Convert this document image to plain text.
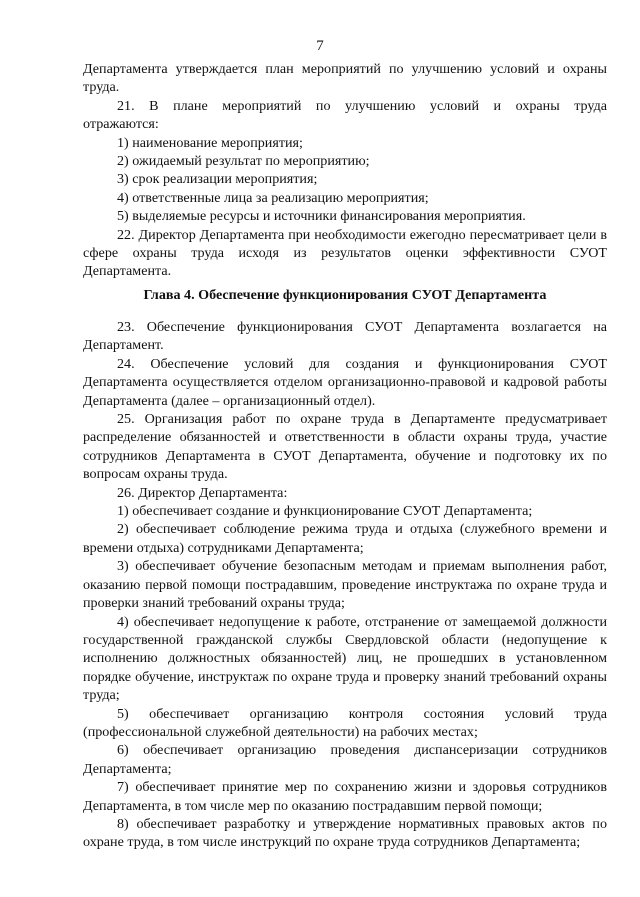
7

Департамента утверждается план мероприятий по улучшению условий и охраны труда.

21. В плане мероприятий по улучшению условий и охраны труда

отражаются:

1) наименование мероприятия;

2) ожидаемый результат по мероприятию;

3) срок реализации мероприятия;

4) ответственные лица за реализацию мероприятия;

5) выделяемые ресурсы и источники финансирования мероприятия.

22. Директор Департамента при необходимости ежегодно пересматривает цели в сфере охраны труда исходя из результатов оценки эффективности СУОТ Департамента.

Глава 4. Обеспечение функционирования СУОТ Департамента

23. Обеспечение функционирования СУОТ Департамента возлагается на Департамент.

24. Обеспечение условий для создания и функционирования СУОТ Департамента осуществляется отделом организационно-правовой и кадровой работы Департамента (далее – организационный отдел).

25. Организация работ по охране труда в Департаменте предусматривает распределение обязанностей и ответственности в области охраны труда, участие сотрудников Департамента в СУОТ Департамента, обучение и подготовку их по вопросам охраны труда.

26. Директор Департамента:

1) обеспечивает создание и функционирование СУОТ Департамента;

2) обеспечивает соблюдение режима труда и отдыха (служебного времени и времени отдыха) сотрудниками Департамента;

3) обеспечивает обучение безопасным методам и приемам выполнения работ, оказанию первой помощи пострадавшим, проведение инструктажа по охране труда и проверки знаний требований охраны труда;

4) обеспечивает недопущение к работе, отстранение от замещаемой должности государственной гражданской службы Свердловской области (недопущение к исполнению должностных обязанностей) лиц, не прошедших в установленном порядке обучение, инструктаж по охране труда и проверку знаний требований охраны труда;

5) обеспечивает организацию контроля состояния условий труда (профессиональной служебной деятельности) на рабочих местах;

6) обеспечивает организацию проведения диспансеризации сотрудников Департамента;

7) обеспечивает принятие мер по сохранению жизни и здоровья сотрудников Департамента, в том числе мер по оказанию пострадавшим первой помощи;

8) обеспечивает разработку и утверждение нормативных правовых актов по охране труда, в том числе инструкций по охране труда сотрудников Департамента;
